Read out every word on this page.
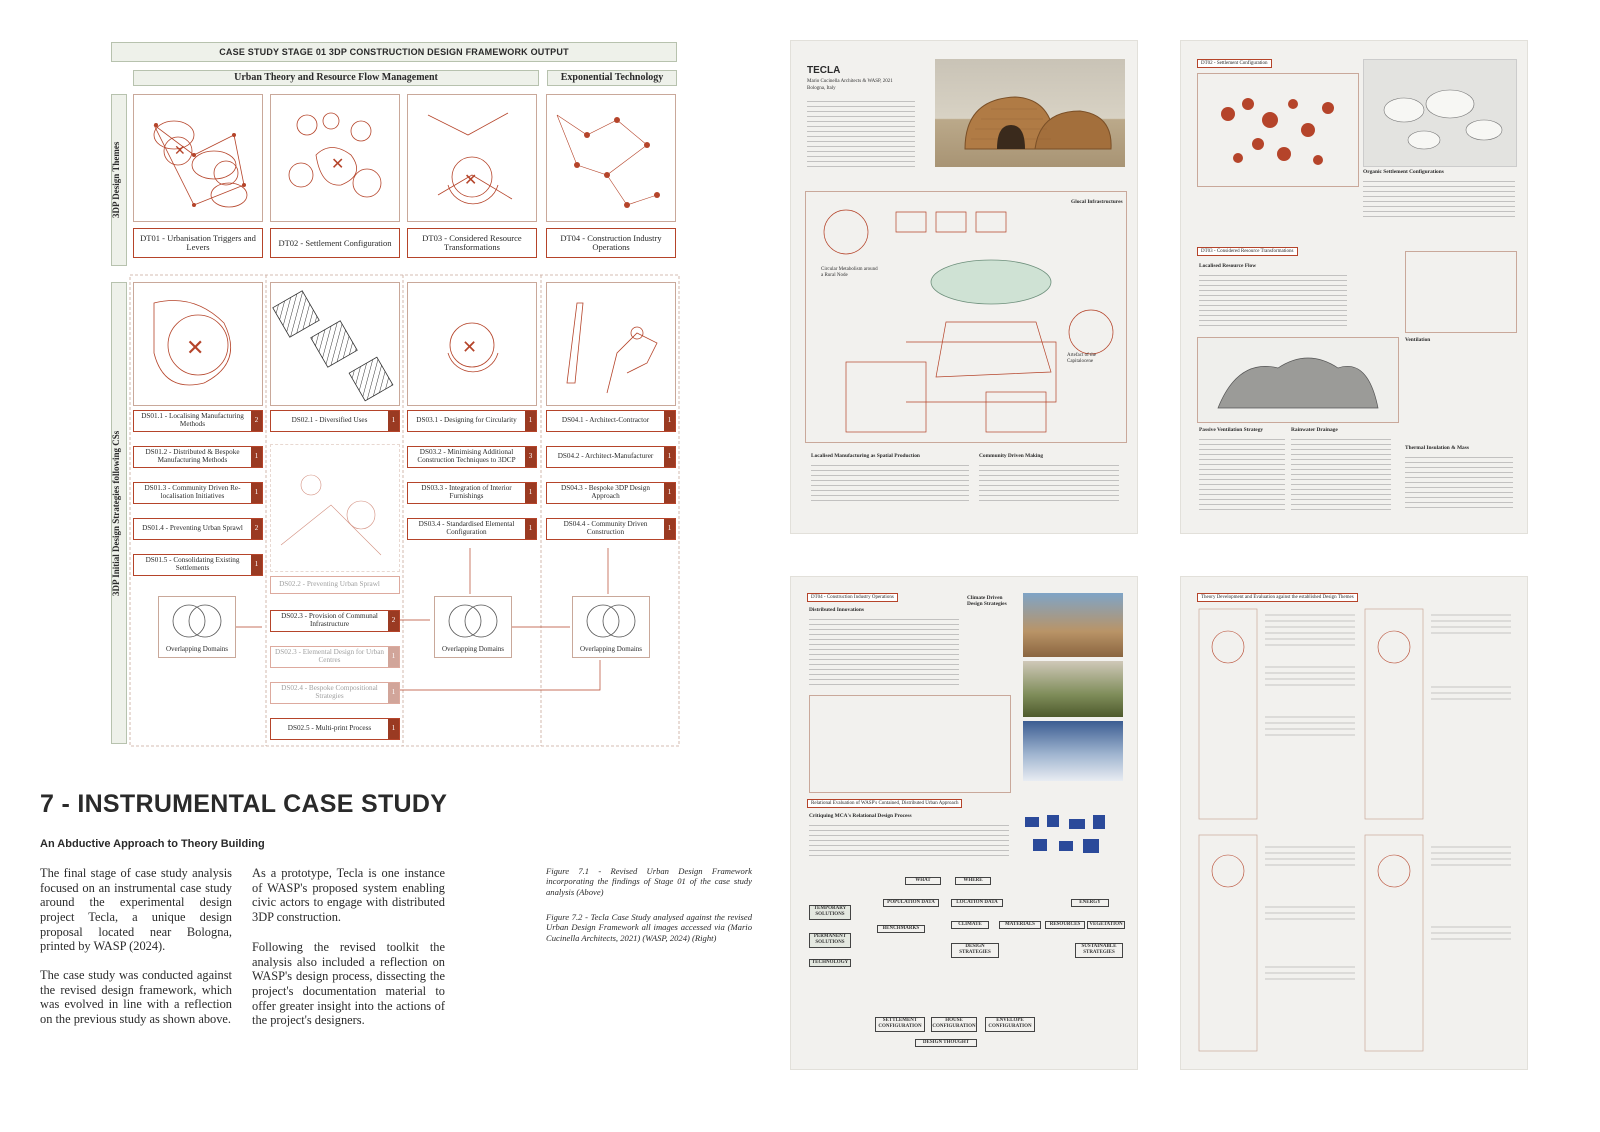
CASE STUDY STAGE 01 3DP CONSTRUCTION DESIGN FRAMEWORK OUTPUT
Urban Theory and Resource Flow Management	Exponential Technology
3DP Design Themes
3DP Initial Design Strategies following CSs
✕
✕
✕
DT01 - Urbanisation Triggers and Levers	DT02 - Settlement Configuration	DT03 - Considered Resource Transformations
DT04 - Construction Industry Operations
✕	✕
DS01.1 - Localising Manufacturing Methods	2	DS02.1 - Diversified Uses	1	DS03.1 - Designing for Circularity	1	DS04.1 - Architect-Contractor	1
DS01.2 - Distributed & Bespoke Manufacturing Methods	1
DS01.3 - Community Driven Re-localisation Initiatives	1
DS01.4 - Preventing Urban Sprawl	2
DS01.5 - Consolidating Existing Settlements	1
DS02.2 - Preventing Urban Sprawl
DS02.3 - Provision of Communal Infrastructure	2
DS02.3 - Elemental Design for Urban Centres	1
DS02.4 - Bespoke Compositional Strategies	1
DS02.5 - Multi-print Process	1
DS03.2 - Minimising Additional Construction Techniques to 3DCP	3
DS03.3 - Integration of Interior Furnishings	1
DS03.4 - Standardised Elemental Configuration	1
DS04.2 - Architect-Manufacturer	1
DS04.3 - Bespoke 3DP Design Approach	1
DS04.4 - Community Driven Construction	1
Overlapping Domains	Overlapping Domains	Overlapping Domains
7 - INSTRUMENTAL CASE STUDY
An Abductive Approach to Theory Building
The final stage of case study analysis focused on an instrumental case study around the experimental design project Tecla, a unique design proposal located near Bologna, printed by WASP (2024).
The case study was conducted against the revised design framework, which was evolved in line with a reflection on the previous study as shown above.
As a prototype, Tecla is one instance of WASP's proposed system enabling civic actors to engage with distributed 3DP construction.
Following the revised toolkit the analysis also included a reflection on WASP's design process, dissecting the project's documentation material to offer greater insight into the actions of the project's designers.
Figure 7.1 - Revised Urban Design Framework incorporating the findings of Stage 01 of the case study analysis (Above)
Figure 7.2 - Tecla Case Study analysed against the revised Urban Design Framework all images accessed via (Mario Cucinella Architects, 2021) (WASP, 2024) (Right)
TECLA
Mario Cucinella Architects & WASP, 2021
Bologna, Italy
Glocal Infrastructures
Circular Metabolism around a Rural Node
Artefact of the Capitalocene
Localised Manufacturing as Spatial Production	Community Driven Making
DT02 - Settlement Configuration
Organic Settlement Configurations
DT03 - Considered Resource Transformations
Localised Resource Flow
Ventilation
Passive Ventilation Strategy	Rainwater Drainage
Thermal Insulation & Mass
DT04 - Construction Industry Operations
Distributed Innovations
Climate Driven Design Strategies
Relational Evaluation of WASP's Contained, Distributed Urban Approach
Critiquing MCA's Relational Design Process
WHAT	WHERE
POPULATION DATA	LOCATION DATA	ENERGY
TEMPORARY SOLUTIONS
BENCHMARKS
CLIMATE	MATERIALS	RESOURCES	VEGETATION
PERMANENT SOLUTIONS
DESIGN STRATEGIES
SUSTAINABLE STRATEGIES
TECHNOLOGY
SETTLEMENT CONFIGURATION
HOUSE CONFIGURATION
ENVELOPE CONFIGURATION
DESIGN THOUGHT
Theory Development and Evaluation against the established Design Themes
